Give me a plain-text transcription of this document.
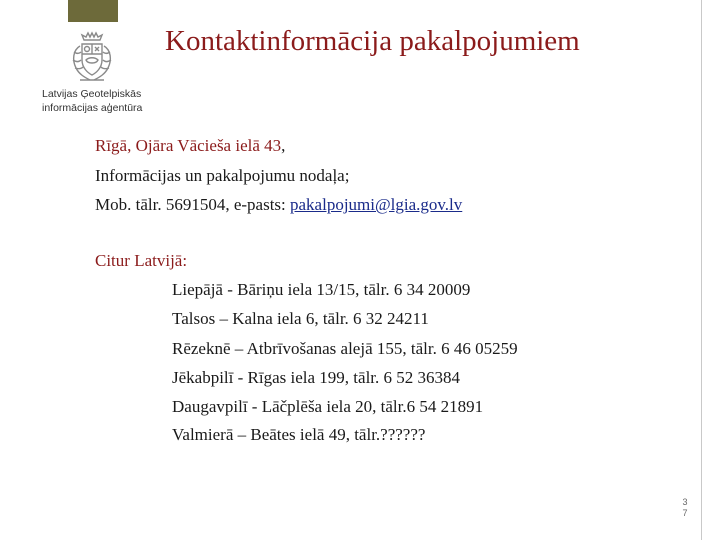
Latvijas Ģeotelpiskās
informācijas aģentūra
Kontaktinformācija pakalpojumiem
Rīgā, Ojāra Vācieša ielā 43,
Informācijas un pakalpojumu nodaļa;
Mob. tālr. 5691504, e-pasts: pakalpojumi@lgia.gov.lv
Citur Latvijā:
Liepājā - Bāriņu iela 13/15, tālr. 6 34 20009
Talsos – Kalna iela 6, tālr. 6 32 24211
Rēzeknē – Atbrīvošanas alejā 155, tālr. 6 46 05259
Jēkabpilī - Rīgas iela 199, tālr. 6 52 36384
Daugavpilī - Lāčplēša iela 20, tālr.6 54 21891
Valmierā – Beātes ielā 49, tālr.??????
3
7
